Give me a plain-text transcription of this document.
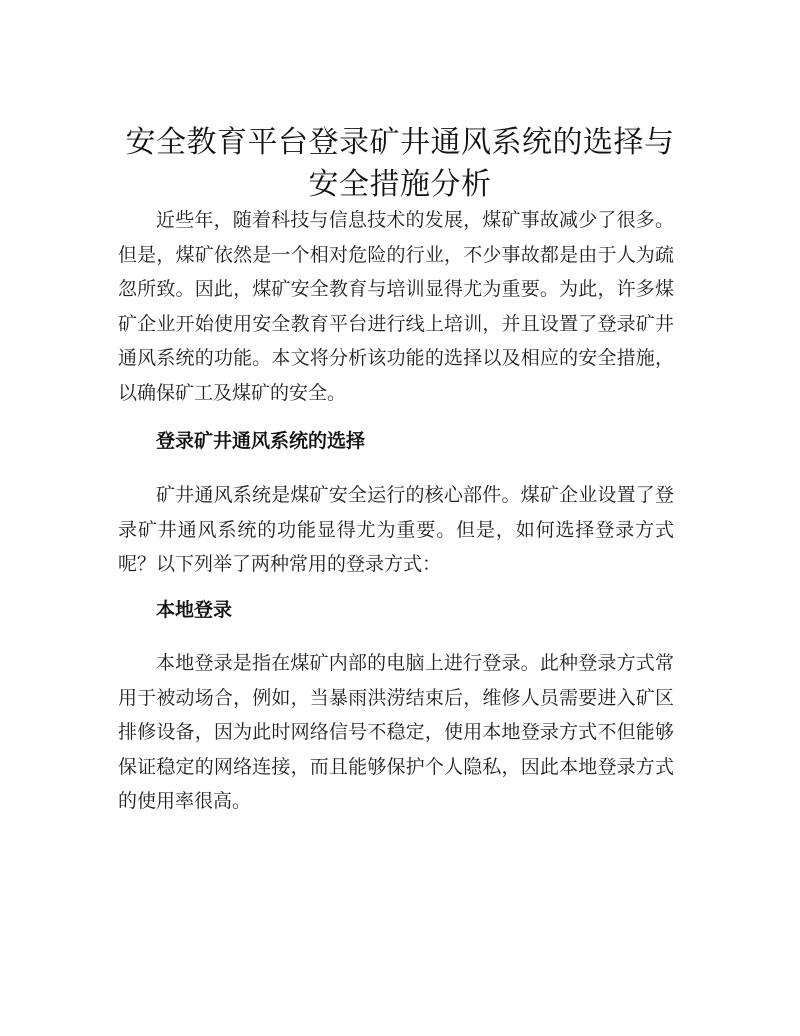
安全教育平台登录矿井通风系统的选择与安全措施分析

近些年，随着科技与信息技术的发展，煤矿事故减少了很多。但是，煤矿依然是一个相对危险的行业，不少事故都是由于人为疏忽所致。因此，煤矿安全教育与培训显得尤为重要。为此，许多煤矿企业开始使用安全教育平台进行线上培训，并且设置了登录矿井通风系统的功能。本文将分析该功能的选择以及相应的安全措施，以确保矿工及煤矿的安全。

登录矿井通风系统的选择

矿井通风系统是煤矿安全运行的核心部件。煤矿企业设置了登录矿井通风系统的功能显得尤为重要。但是，如何选择登录方式呢？以下列举了两种常用的登录方式：

本地登录

本地登录是指在煤矿内部的电脑上进行登录。此种登录方式常用于被动场合，例如，当暴雨洪涝结束后，维修人员需要进入矿区排修设备，因为此时网络信号不稳定，使用本地登录方式不但能够保证稳定的网络连接，而且能够保护个人隐私，因此本地登录方式的使用率很高。
